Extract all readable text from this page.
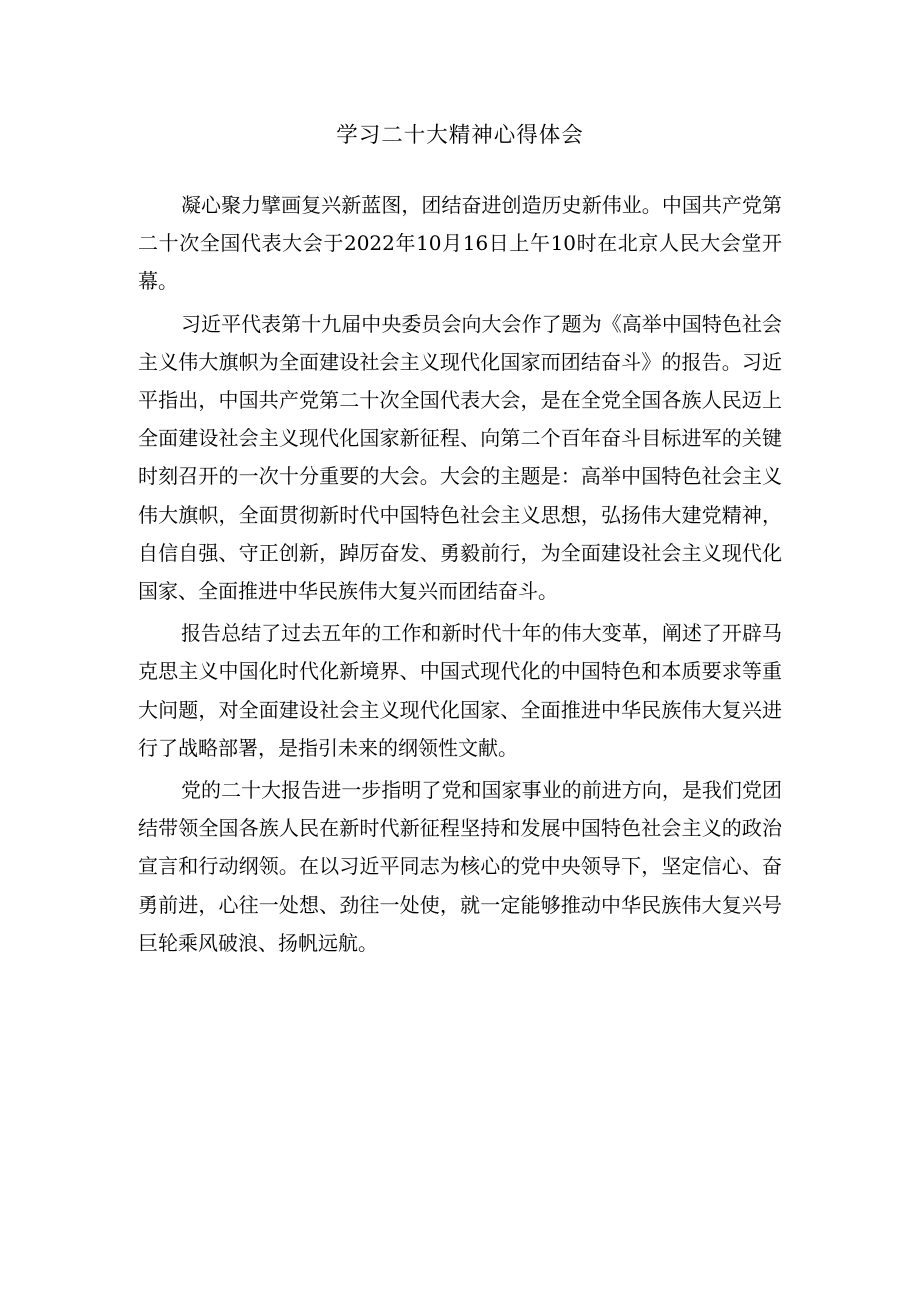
学习二十大精神心得体会

凝心聚力擘画复兴新蓝图，团结奋进创造历史新伟业。中国共产党第二十次全国代表大会于2022年10月16日上午10时在北京人民大会堂开幕。

习近平代表第十九届中央委员会向大会作了题为《高举中国特色社会主义伟大旗帜为全面建设社会主义现代化国家而团结奋斗》的报告。习近平指出，中国共产党第二十次全国代表大会，是在全党全国各族人民迈上全面建设社会主义现代化国家新征程、向第二个百年奋斗目标进军的关键时刻召开的一次十分重要的大会。大会的主题是：高举中国特色社会主义伟大旗帜，全面贯彻新时代中国特色社会主义思想，弘扬伟大建党精神，自信自强、守正创新，踔厉奋发、勇毅前行，为全面建设社会主义现代化国家、全面推进中华民族伟大复兴而团结奋斗。

报告总结了过去五年的工作和新时代十年的伟大变革，阐述了开辟马克思主义中国化时代化新境界、中国式现代化的中国特色和本质要求等重大问题，对全面建设社会主义现代化国家、全面推进中华民族伟大复兴进行了战略部署，是指引未来的纲领性文献。

党的二十大报告进一步指明了党和国家事业的前进方向，是我们党团结带领全国各族人民在新时代新征程坚持和发展中国特色社会主义的政治宣言和行动纲领。在以习近平同志为核心的党中央领导下，坚定信心、奋勇前进，心往一处想、劲往一处使，就一定能够推动中华民族伟大复兴号巨轮乘风破浪、扬帆远航。
